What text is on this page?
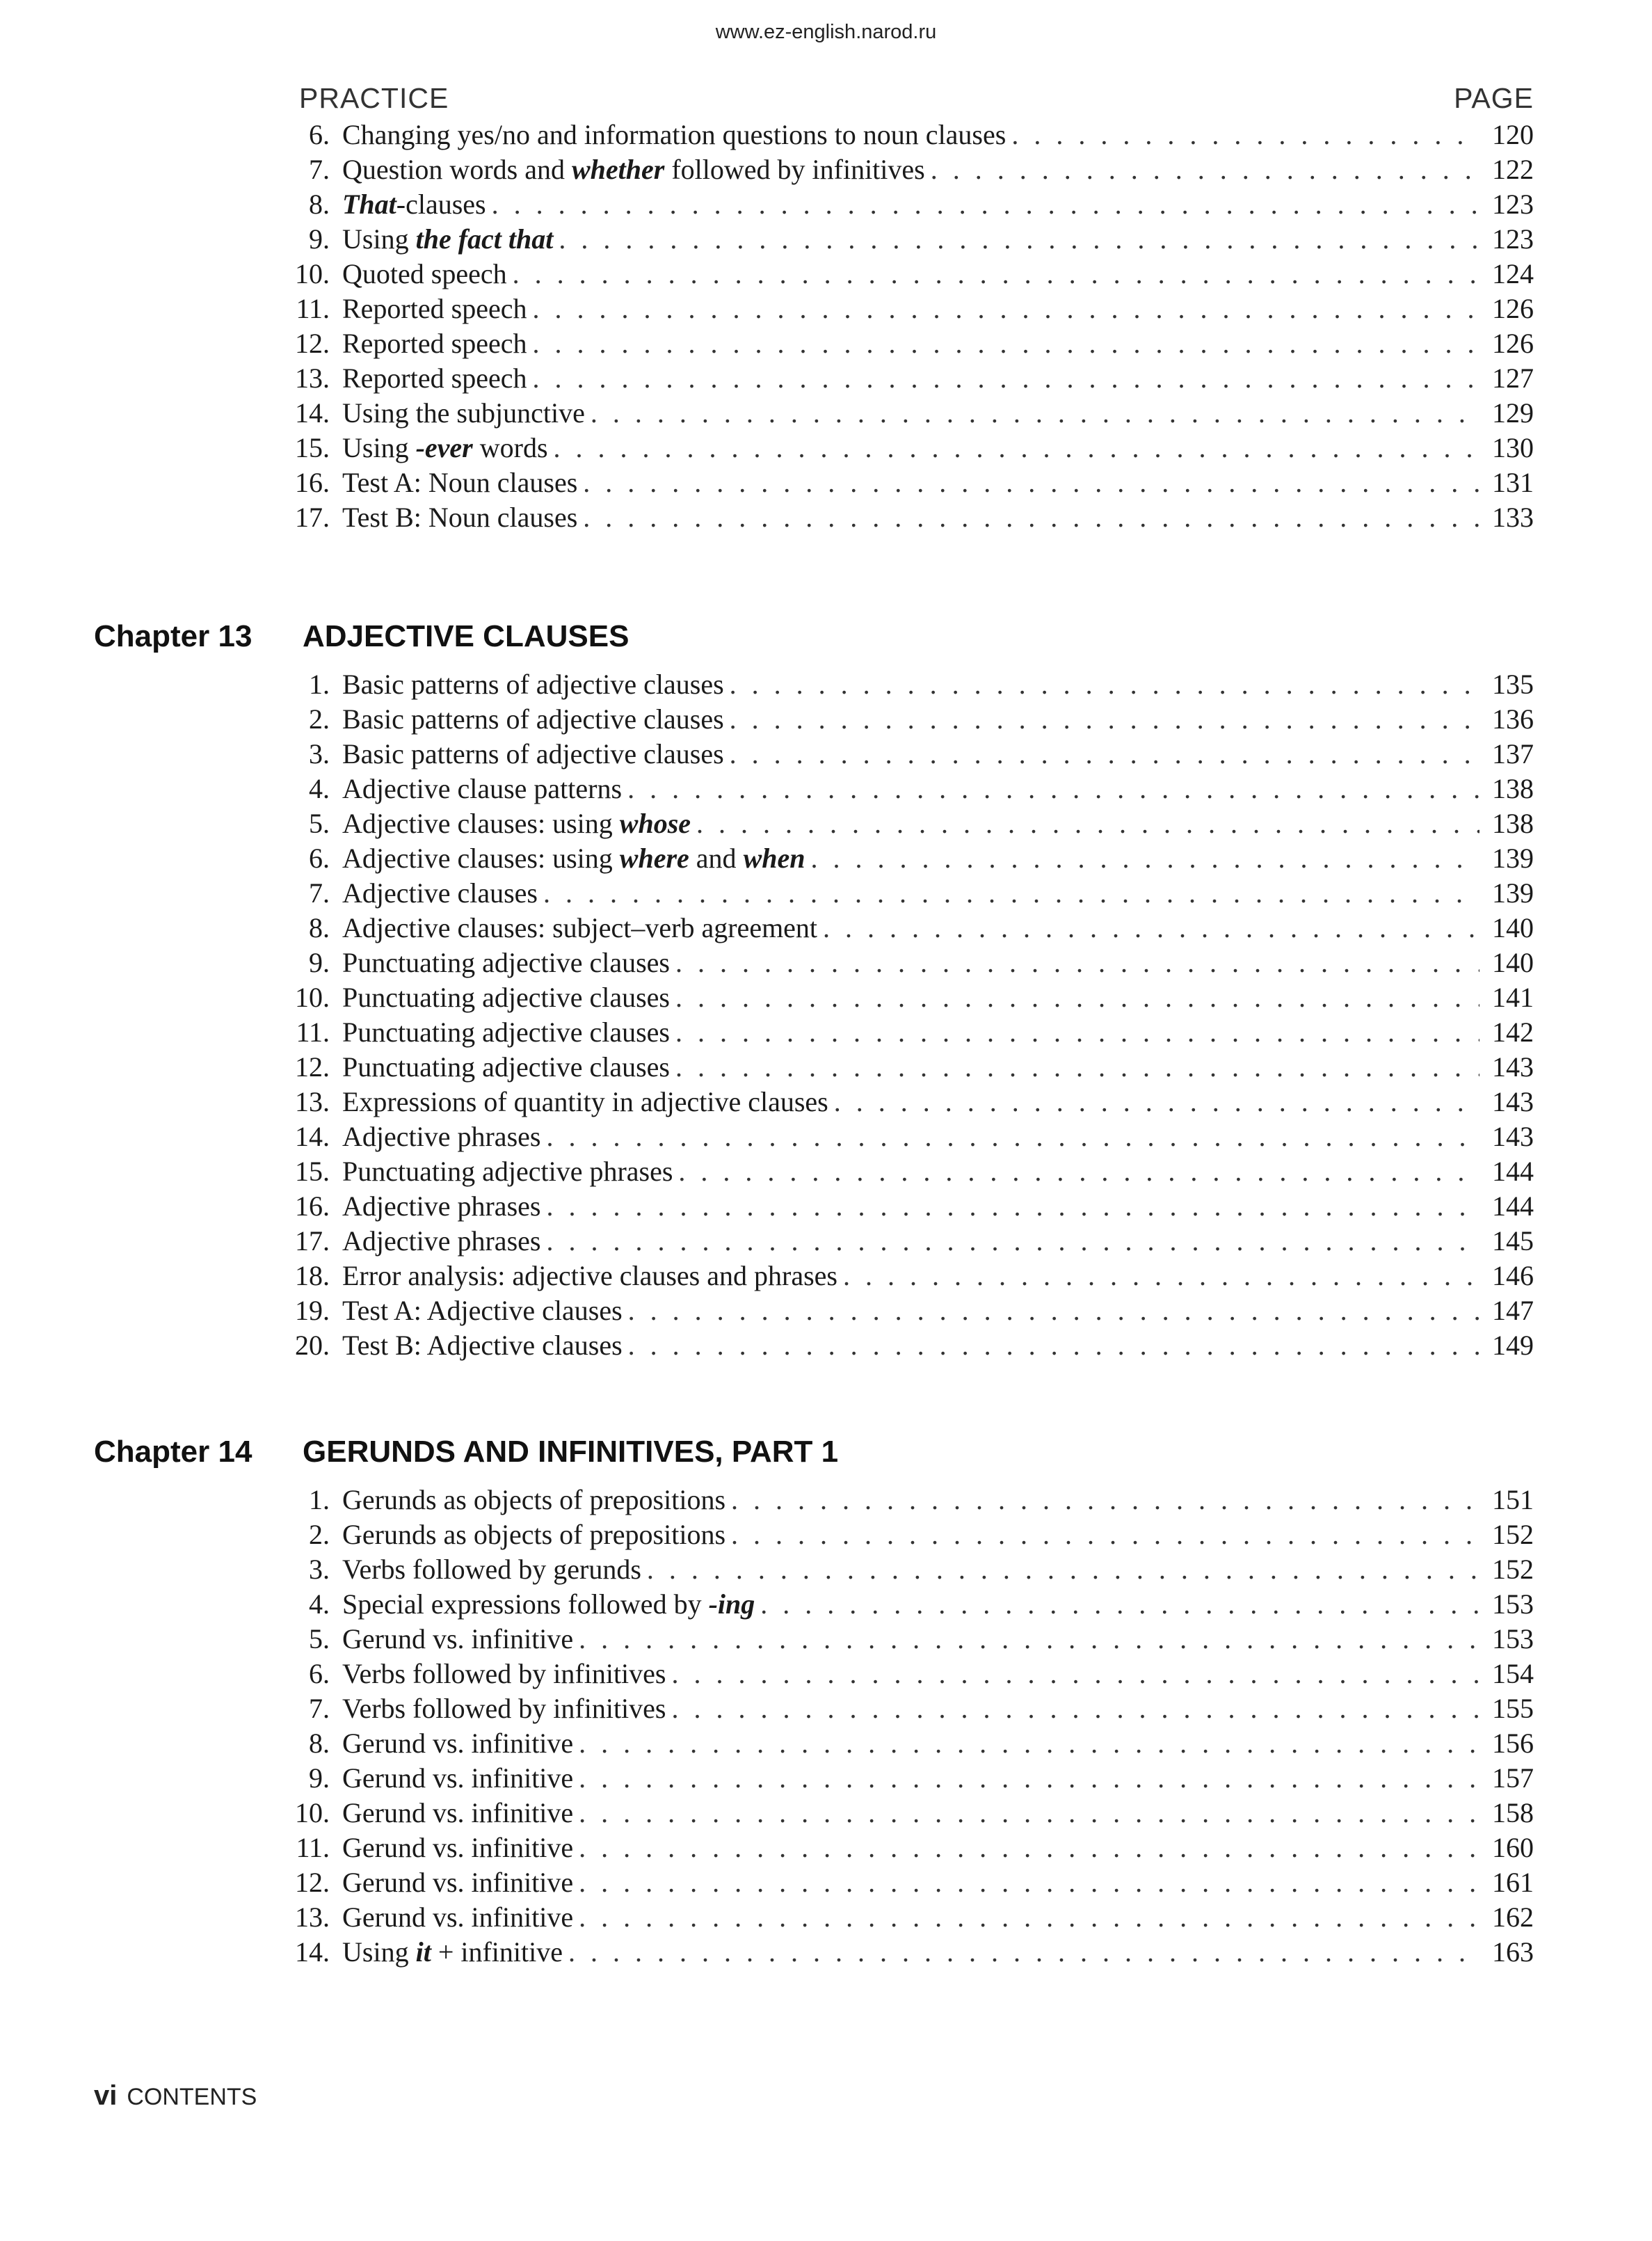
www.ez-english.narod.ru
PRACTICE	PAGE
6. Changing yes/no and information questions to noun clauses . . .	120
7. Question words and whether followed by infinitives . . .	122
8. That-clauses . . .	123
9. Using the fact that . . .	123
10. Quoted speech . . .	124
11. Reported speech . . .	126
12. Reported speech . . .	126
13. Reported speech . . .	127
14. Using the subjunctive . . .	129
15. Using -ever words . . .	130
16. Test A: Noun clauses . . .	131
17. Test B: Noun clauses . . .	133
Chapter 13 ADJECTIVE CLAUSES
1. Basic patterns of adjective clauses . . .	135
2. Basic patterns of adjective clauses . . .	136
3. Basic patterns of adjective clauses . . .	137
4. Adjective clause patterns . . .	138
5. Adjective clauses: using whose . . .	138
6. Adjective clauses: using where and when . . .	139
7. Adjective clauses . . .	139
8. Adjective clauses: subject–verb agreement . . .	140
9. Punctuating adjective clauses . . .	140
10. Punctuating adjective clauses . . .	141
11. Punctuating adjective clauses . . .	142
12. Punctuating adjective clauses . . .	143
13. Expressions of quantity in adjective clauses . . .	143
14. Adjective phrases . . .	143
15. Punctuating adjective phrases . . .	144
16. Adjective phrases . . .	144
17. Adjective phrases . . .	145
18. Error analysis: adjective clauses and phrases . . .	146
19. Test A: Adjective clauses . . .	147
20. Test B: Adjective clauses . . .	149
Chapter 14 GERUNDS AND INFINITIVES, PART 1
1. Gerunds as objects of prepositions . . .	151
2. Gerunds as objects of prepositions . . .	152
3. Verbs followed by gerunds . . .	152
4. Special expressions followed by -ing . . .	153
5. Gerund vs. infinitive . . .	153
6. Verbs followed by infinitives . . .	154
7. Verbs followed by infinitives . . .	155
8. Gerund vs. infinitive . . .	156
9. Gerund vs. infinitive . . .	157
10. Gerund vs. infinitive . . .	158
11. Gerund vs. infinitive . . .	160
12. Gerund vs. infinitive . . .	161
13. Gerund vs. infinitive . . .	162
14. Using it + infinitive . . .	163
vi CONTENTS
